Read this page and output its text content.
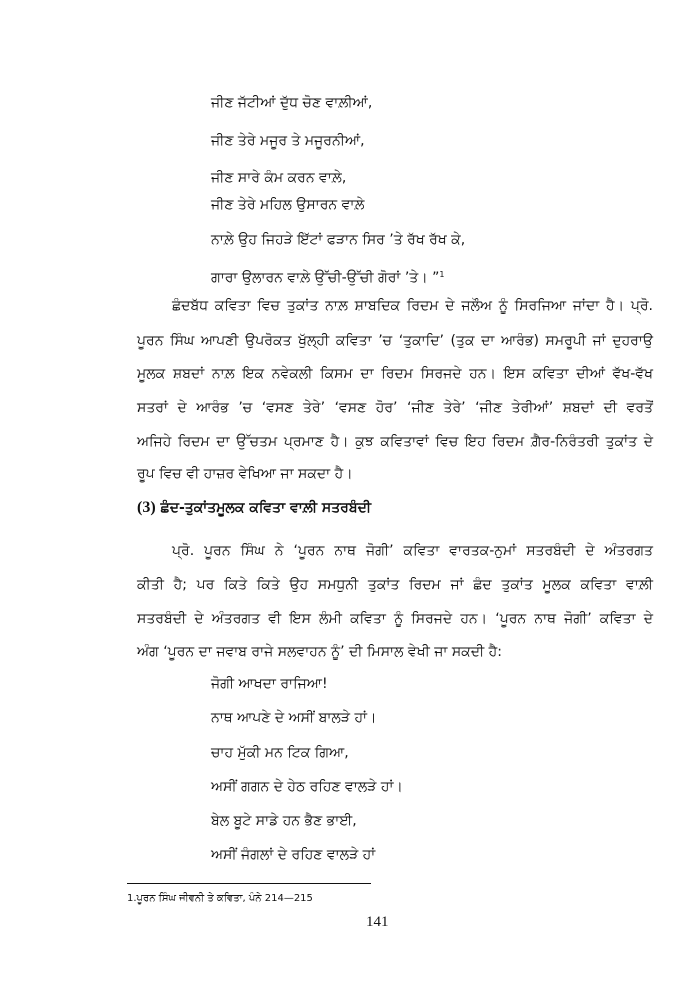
ਜੀਣ ਜੱਟੀਆਂ ਦੁੱਧ ਚੋਣ ਵਾਲ਼ੀਆਂ,
ਜੀਣ ਤੇਰੇ ਮਜੂਰ ਤੇ ਮਜੂਰਨੀਆਂ,
ਜੀਣ ਸਾਰੇ ਕੰਮ ਕਰਨ ਵਾਲ਼ੇ,
ਜੀਣ ਤੇਰੇ ਮਹਿਲ ਉਸਾਰਨ ਵਾਲ਼ੇ
ਨਾਲ਼ੇ ਉਹ ਜਿਹੜੇ ਇੱਟਾਂ ਫੜਾਨ ਸਿਰ ’ਤੇ ਰੱਖ ਰੱਖ ਕੇ,
ਗਾਰਾ ਉਲਾਰਨ ਵਾਲ਼ੇ ਉੱਚੀ-ਉੱਚੀ ਗੋਰਾਂ ’ਤੇ। ”$^1$
ਛੰਦਬੱਧ ਕਵਿਤਾ ਵਿਚ ਤੁਕਾਂਤ ਨਾਲ਼ ਸ਼ਾਬਦਿਕ ਰਿਦਮ ਦੇ ਜਲੌਅ ਨੂੰ ਸਿਰਜਿਆ ਜਾਂਦਾ ਹੈ। ਪ੍ਰੋ.
ਪੂਰਨ ਸਿੰਘ ਆਪਣੀ ਉਪਰੋਕਤ ਖੁੱਲ੍ਹੀ ਕਵਿਤਾ ’ਚ ‘ਤੁਕਾਦਿ’ (ਤੁਕ ਦਾ ਆਰੰਭ) ਸਮਰੂਪੀ ਜਾਂ ਦੁਹਰਾਉ
ਮੂਲਕ ਸ਼ਬਦਾਂ ਨਾਲ਼ ਇਕ ਨਵੇਕਲੀ ਕਿਸਮ ਦਾ ਰਿਦਮ ਸਿਰਜਦੇ ਹਨ। ਇਸ ਕਵਿਤਾ ਦੀਆਂ ਵੱਖ-ਵੱਖ
ਸਤਰਾਂ ਦੇ ਆਰੰਭ ’ਚ ‘ਵਸਣ ਤੇਰੇ’ ‘ਵਸਣ ਹੋਰ’ ‘ਜੀਣ ਤੇਰੇ’ ‘ਜੀਣ ਤੇਰੀਆਂ’ ਸ਼ਬਦਾਂ ਦੀ ਵਰਤੋਂ
ਅਜਿਹੇ ਰਿਦਮ ਦਾ ਉੱਚਤਮ ਪ੍ਰਮਾਣ ਹੈ। ਕੁਝ ਕਵਿਤਾਵਾਂ ਵਿਚ ਇਹ ਰਿਦਮ ਗ਼ੈਰ-ਨਿਰੰਤਰੀ ਤੁਕਾਂਤ ਦੇ
ਰੂਪ ਵਿਚ ਵੀ ਹਾਜ਼ਰ ਵੇਖਿਆ ਜਾ ਸਕਦਾ ਹੈ।
(3) ਛੰਦ-ਤੁਕਾਂਤਮੂਲਕ ਕਵਿਤਾ ਵਾਲ਼ੀ ਸਤਰਬੰਦੀ
ਪ੍ਰੋ. ਪੂਰਨ ਸਿੰਘ ਨੇ ‘ਪੂਰਨ ਨਾਥ ਜੋਗੀ’ ਕਵਿਤਾ ਵਾਰਤਕ-ਨੁਮਾਂ ਸਤਰਬੰਦੀ ਦੇ ਅੰਤਰਗਤ
ਕੀਤੀ ਹੈ; ਪਰ ਕਿਤੇ ਕਿਤੇ ਉਹ ਸਮਧੁਨੀ ਤੁਕਾਂਤ ਰਿਦਮ ਜਾਂ ਛੰਦ ਤੁਕਾਂਤ ਮੂਲਕ ਕਵਿਤਾ ਵਾਲ਼ੀ
ਸਤਰਬੰਦੀ ਦੇ ਅੰਤਰਗਤ ਵੀ ਇਸ ਲੰਮੀ ਕਵਿਤਾ ਨੂੰ ਸਿਰਜਦੇ ਹਨ। ‘ਪੂਰਨ ਨਾਥ ਜੋਗੀ’ ਕਵਿਤਾ ਦੇ
ਅੰਗ ‘ਪੂਰਨ ਦਾ ਜਵਾਬ ਰਾਜੇ ਸਲਵਾਹਨ ਨੂੰ’ ਦੀ ਮਿਸਾਲ ਵੇਖੀ ਜਾ ਸਕਦੀ ਹੈ:
ਜੋਗੀ ਆਖਦਾ ਰਾਜਿਆ!
ਨਾਥ ਆਪਣੇ ਦੇ ਅਸੀਂ ਬਾਲੜੇ ਹਾਂ।
ਚਾਹ ਮੁੱਕੀ ਮਨ ਟਿਕ ਗਿਆ,
ਅਸੀਂ ਗਗਨ ਦੇ ਹੇਠ ਰਹਿਣ ਵਾਲੜੇ ਹਾਂ।
ਬੇਲ ਬੂਟੇ ਸਾਡੇ ਹਨ ਭੈਣ ਭਾਈ,
ਅਸੀਂ ਜੰਗਲਾਂ ਦੇ ਰਹਿਣ ਵਾਲੜੇ ਹਾਂ
1.ਪੂਰਨ ਸਿੰਘ ਜੀਵਨੀ ਤੇ ਕਵਿਤਾ, ਪੰਨੇ 214—215
141
